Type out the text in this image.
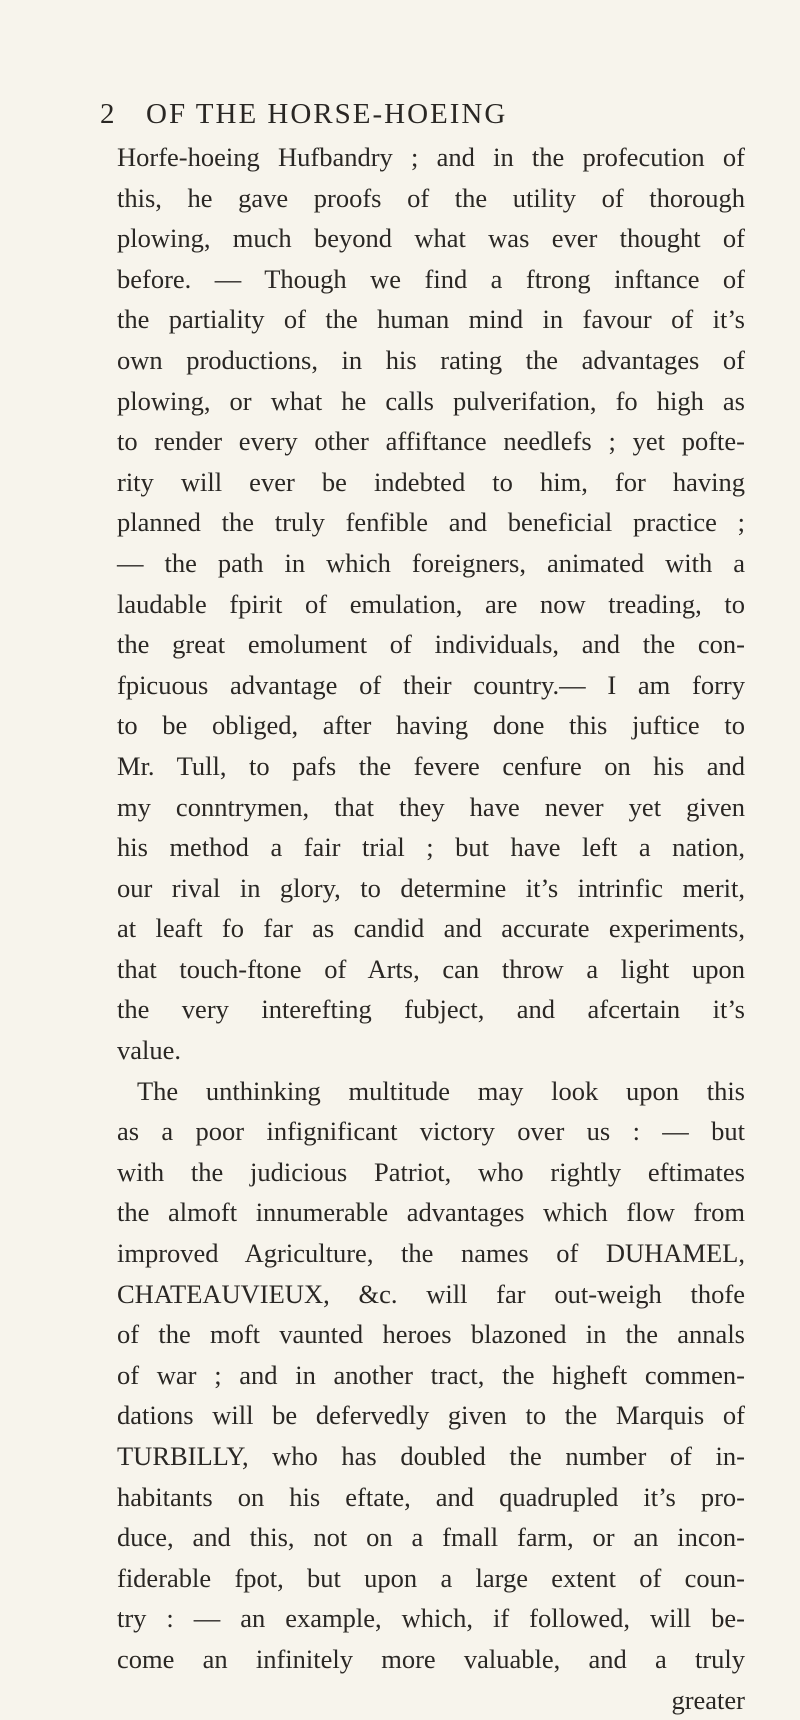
2 OF THE HORSE-HOEING
Horfe-hoeing Hufbandry ; and in the profecution of
this, he gave proofs of the utility of thorough
plowing, much beyond what was ever thought of
before. — Though we find a ftrong inftance of
the partiality of the human mind in favour of it’s
own productions, in his rating the advantages of
plowing, or what he calls pulverifation, fo high as
to render every other affiftance needlefs ; yet pofte-
rity will ever be indebted to him, for having
planned the truly fenfible and beneficial practice ;
— the path in which foreigners, animated with a
laudable fpirit of emulation, are now treading, to
the great emolument of individuals, and the con-
fpicuous advantage of their country.— I am forry
to be obliged, after having done this juftice to
Mr. Tull, to pafs the fevere cenfure on his and
my conntrymen, that they have never yet given
his method a fair trial ; but have left a nation,
our rival in glory, to determine it’s intrinfic merit,
at leaft fo far as candid and accurate experiments,
that touch-ftone of Arts, can throw a light upon
the very interefting fubject, and afcertain it’s
value.
The unthinking multitude may look upon this
as a poor infignificant victory over us : — but
with the judicious Patriot, who rightly eftimates
the almoft innumerable advantages which flow from
improved Agriculture, the names of DUHAMEL,
CHATEAUVIEUX, &c. will far out-weigh thofe
of the moft vaunted heroes blazoned in the annals
of war ; and in another tract, the higheft commen-
dations will be defervedly given to the Marquis of
TURBILLY, who has doubled the number of in-
habitants on his eftate, and quadrupled it’s pro-
duce, and this, not on a fmall farm, or an incon-
fiderable fpot, but upon a large extent of coun-
try : — an example, which, if followed, will be-
come an infinitely more valuable, and a truly
greater
